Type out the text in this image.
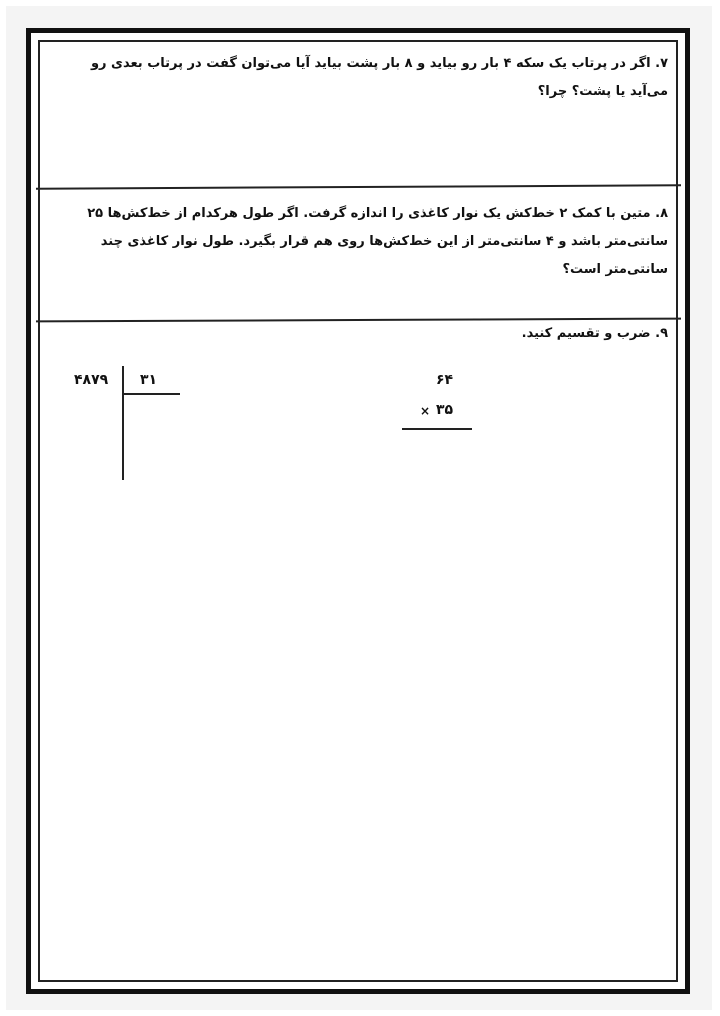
۷. اگر در پرتاب یک سکه ۴ بار رو بیاید و ۸ بار پشت بیاید آیا می‌توان گفت در پرتاب بعدی رو می‌آید یا پشت؟ چرا؟
۸. متین با کمک ۲ خط‌کش یک نوار کاغذی را اندازه گرفت. اگر طول هرکدام از خط‌کش‌ها ۲۵ سانتی‌متر باشد و ۴ سانتی‌متر از این خط‌کش‌ها روی هم قرار بگیرد. طول نوار کاغذی چند سانتی‌متر است؟
۹. ضرب و تقسیم کنید.
۴۸۷۹ ۳۱	۶۴
× ۳۵
